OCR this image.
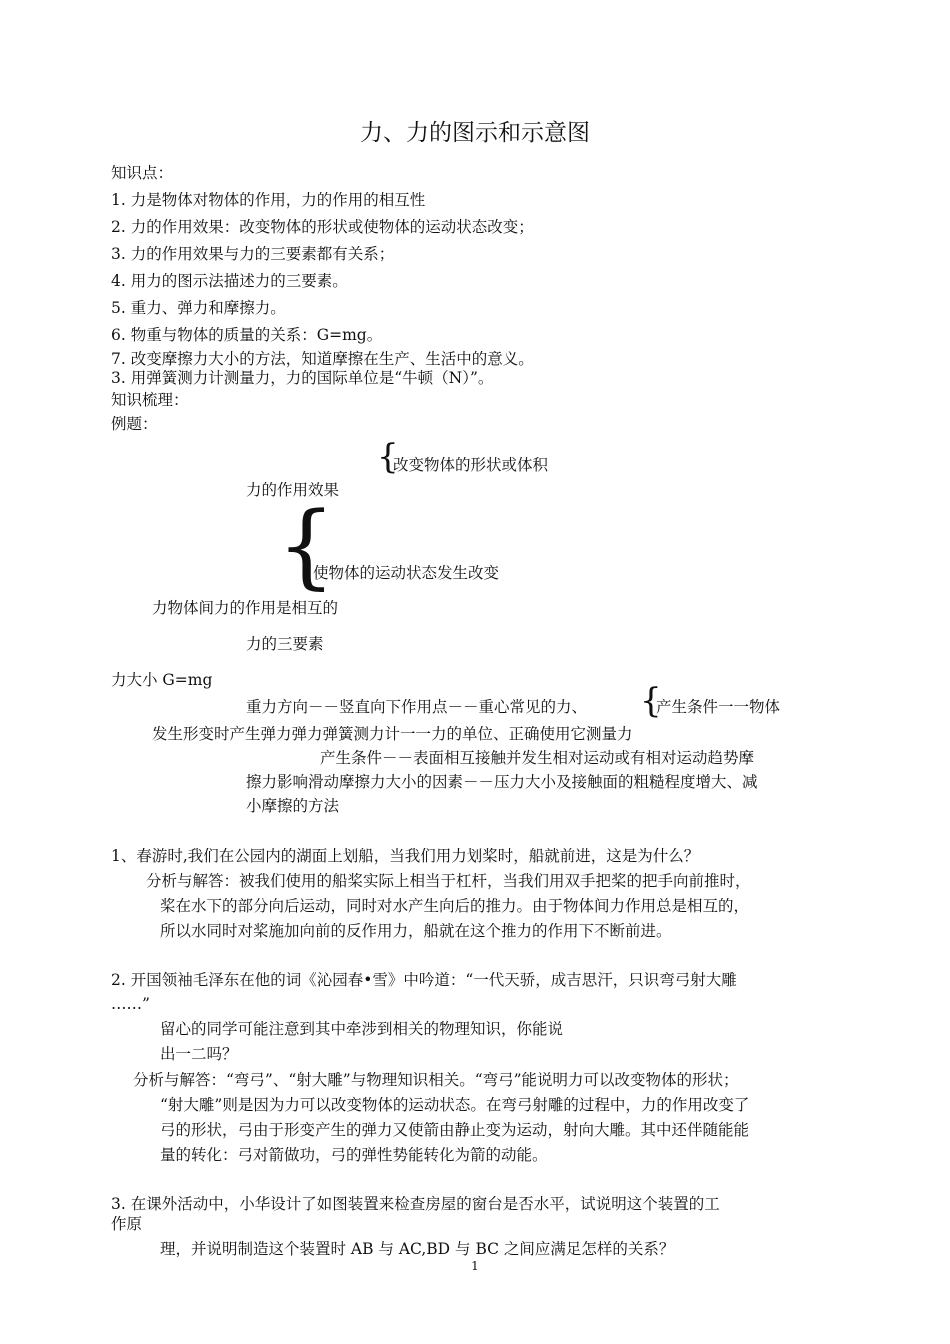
力、力的图示和示意图
知识点：
1. 力是物体对物体的作用，力的作用的相互性
2. 力的作用效果：改变物体的形状或使物体的运动状态改变；
3. 力的作用效果与力的三要素都有关系；
4. 用力的图示法描述力的三要素。
5. 重力、弹力和摩擦力。
6. 物重与物体的质量的关系：G=mg。
7. 改变摩擦力大小的方法，知道摩擦在生产、生活中的意义。
3. 用弹簧测力计测量力，力的国际单位是“牛顿（N）”。
知识梳理：
例题：
{
改变物体的形状或体积
力的作用效果
{
使物体的运动状态发生改变
力物体间力的作用是相互的
力的三要素
力大小 G=mg
重力方向－－竖直向下作用点－－重心常见的力、 {
产生条件一一物体
发生形变时产生弹力弹力弹簧测力计一一力的单位、正确使用它测量力
产生条件－－表面相互接触并发生相对运动或有相对运动趋势摩
擦力影响滑动摩擦力大小的因素－－压力大小及接触面的粗糙程度增大、减
小摩擦的方法
1、春游时,我们在公园内的湖面上划船，当我们用力划桨时，船就前进，这是为什么？
分析与解答：被我们使用的船桨实际上相当于杠杆，当我们用双手把桨的把手向前推时，
桨在水下的部分向后运动，同时对水产生向后的推力。由于物体间力作用总是相互的，
所以水同时对桨施加向前的反作用力，船就在这个推力的作用下不断前进。
2. 开国领袖毛泽东在他的词《沁园春•雪》中吟道：“一代天骄，成吉思汗，只识弯弓射大雕
……”
留心的同学可能注意到其中牵涉到相关的物理知识，你能说
出一二吗？
分析与解答：“弯弓”、“射大雕”与物理知识相关。“弯弓”能说明力可以改变物体的形状；
“射大雕”则是因为力可以改变物体的运动状态。在弯弓射雕的过程中，力的作用改变了
弓的形状，弓由于形变产生的弹力又使箭由静止变为运动，射向大雕。其中还伴随能能
量的转化：弓对箭做功，弓的弹性势能转化为箭的动能。
3. 在课外活动中，小华设计了如图装置来检查房屋的窗台是否水平，试说明这个装置的工
作原
理，并说明制造这个装置时 AB 与 AC,BD 与 BC 之间应满足怎样的关系？
1
